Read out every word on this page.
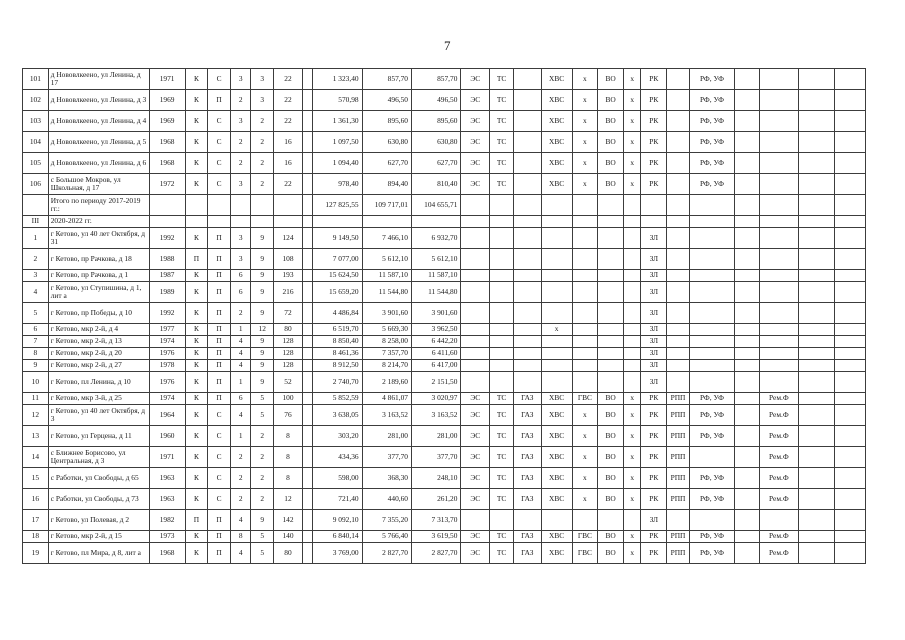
7
101	д Нововлкеено, ул Ленина, д 17	1971	К	С	3	3	22		1 323,40	857,70	857,70	ЭС	ТС		ХВС	х	ВО	х	РК		РФ, УФ				
102	д Нововлкеено, ул Ленина, д 3	1969	К	П	2	3	22		570,98	496,50	496,50	ЭС	ТС		ХВС	х	ВО	х	РК		РФ, УФ				
103	д Нововлкеено, ул Ленина, д 4	1969	К	С	3	2	22		1 361,30	895,60	895,60	ЭС	ТС		ХВС	х	ВО	х	РК		РФ, УФ				
104	д Нововлкеено, ул Ленина, д 5	1968	К	С	2	2	16		1 097,50	630,80	630,80	ЭС	ТС		ХВС	х	ВО	х	РК		РФ, УФ				
105	д Нововлкеено, ул Ленина, д 6	1968	К	С	2	2	16		1 094,40	627,70	627,70	ЭС	ТС		ХВС	х	ВО	х	РК		РФ, УФ				
106	с Большое Мокров, ул Школьная, д 17	1972	К	С	3	2	22		978,40	894,40	810,40	ЭС	ТС		ХВС	х	ВО	х	РК		РФ, УФ				
	Итого по периоду 2017-2019 гг.:								127 825,55	109 717,01	104 655,71														
III	2020-2022 гг.																								
1	г Кетово, ул 40 лет Октября, д 31	1992	К	П	3	9	124		9 149,50	7 466,10	6 932,70								ЗЛ						
2	г Кетово, пр Рачкова, д 18	1988	П	П	3	9	108		7 077,00	5 612,10	5 612,10								ЗЛ						
3	г Кетово, пр Рачкова, д 1	1987	К	П	6	9	193		15 624,50	11 587,10	11 587,10								ЗЛ						
4	г Кетово, ул Ступишина, д 1, лит а	1989	К	П	6	9	216		15 659,20	11 544,80	11 544,80								ЗЛ						
5	г Кетово, пр Победы, д 10	1992	К	П	2	9	72		4 486,84	3 901,60	3 901,60								ЗЛ						
6	г Кетово, мкр 2-й, д 4	1977	К	П	1	12	80		6 519,70	5 669,30	3 962,50				х				ЗЛ						
7	г Кетово, мкр 2-й, д 13	1974	К	П	4	9	128		8 850,40	8 258,00	6 442,20								ЗЛ						
8	г Кетово, мкр 2-й, д 20	1976	К	П	4	9	128		8 461,36	7 357,70	6 411,60								ЗЛ						
9	г Кетово, мкр 2-й, д 27	1978	К	П	4	9	128		8 912,50	8 214,70	6 417,00								ЗЛ						
10	г Кетово, пл Ленина, д 10	1976	К	П	1	9	52		2 740,70	2 189,60	2 151,50								ЗЛ						
11	г Кетово, мкр 3-й, д 25	1974	К	П	6	5	100		5 852,59	4 861,07	3 020,97	ЭС	ТС	ГАЗ	ХВС	ГВС	ВО	х	РК	РПП	РФ, УФ		Рем.Ф		
12	г Кетово, ул 40 лет Октября, д 3	1964	К	С	4	5	76		3 638,05	3 163,52	3 163,52	ЭС	ТС	ГАЗ	ХВС	х	ВО	х	РК	РПП	РФ, УФ		Рем.Ф		
13	г Кетово, ул Герцена, д 11	1960	К	С	1	2	8		303,20	281,00	281,00	ЭС	ТС	ГАЗ	ХВС	х	ВО	х	РК	РПП	РФ, УФ		Рем.Ф		
14	с Ближнее Борисово, ул Центральная, д 3	1971	К	С	2	2	8		434,36	377,70	377,70	ЭС	ТС	ГАЗ	ХВС	х	ВО	х	РК	РПП			Рем.Ф		
15	с Работки, ул Свободы, д 65	1963	К	С	2	2	8		598,00	368,30	248,10	ЭС	ТС	ГАЗ	ХВС	х	ВО	х	РК	РПП	РФ, УФ		Рем.Ф		
16	с Работки, ул Свободы, д 73	1963	К	С	2	2	12		721,40	440,60	261,20	ЭС	ТС	ГАЗ	ХВС	х	ВО	х	РК	РПП	РФ, УФ		Рем.Ф		
17	г Кетово, ул Полевая, д 2	1982	П	П	4	9	142		9 092,10	7 355,20	7 313,70								ЗЛ						
18	г Кетово, мкр 2-й, д 15	1973	К	П	8	5	140		6 840,14	5 766,40	3 619,50	ЭС	ТС	ГАЗ	ХВС	ГВС	ВО	х	РК	РПП	РФ, УФ		Рем.Ф		
19	г Кетово, пл Мира, д 8, лит а	1968	К	П	4	5	80		3 769,00	2 827,70	2 827,70	ЭС	ТС	ГАЗ	ХВС	ГВС	ВО	х	РК	РПП	РФ, УФ		Рем.Ф		
